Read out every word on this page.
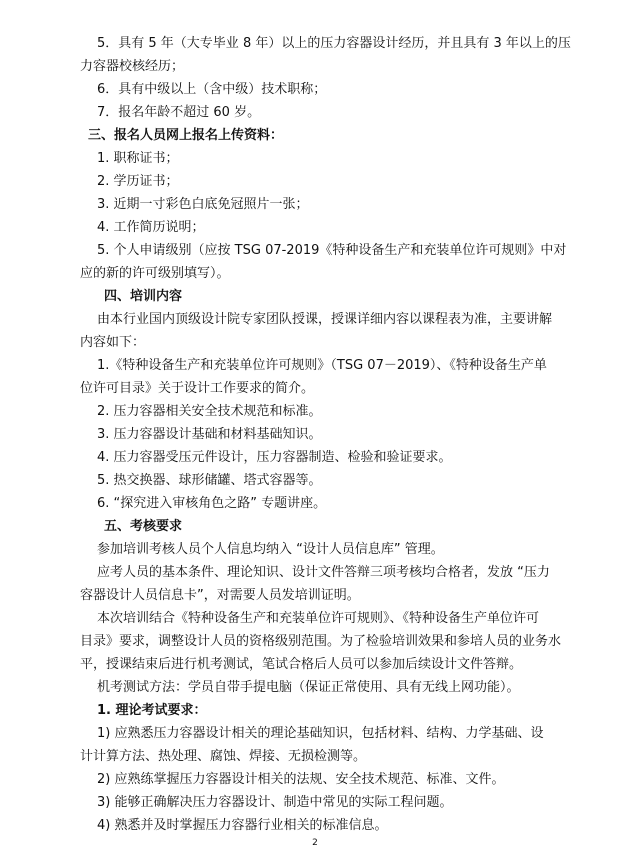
5．具有 5 年（大专毕业 8 年）以上的压力容器设计经历，并且具有 3 年以上的压
力容器校核经历；
6．具有中级以上（含中级）技术职称；
7．报名年龄不超过 60 岁。
三、报名人员网上报名上传资料：
1. 职称证书；
2. 学历证书；
3. 近期一寸彩色白底免冠照片一张；
4. 工作简历说明；
5. 个人申请级别（应按 TSG 07-2019《特种设备生产和充装单位许可规则》中对
应的新的许可级别填写）。
四、培训内容
由本行业国内顶级设计院专家团队授课，授课详细内容以课程表为准，主要讲解
内容如下：
1.《特种设备生产和充装单位许可规则》（TSG 07－2019）、《特种设备生产单
位许可目录》关于设计工作要求的简介。
2. 压力容器相关安全技术规范和标准。
3. 压力容器设计基础和材料基础知识。
4. 压力容器受压元件设计，压力容器制造、检验和验证要求。
5. 热交换器、球形储罐、塔式容器等。
6. “探究进入审核角色之路” 专题讲座。
五、考核要求
参加培训考核人员个人信息均纳入 “设计人员信息库” 管理。
应考人员的基本条件、理论知识、设计文件答辩三项考核均合格者，发放 “压力
容器设计人员信息卡”，对需要人员发培训证明。
本次培训结合《特种设备生产和充装单位许可规则》、《特种设备生产单位许可
目录》要求，调整设计人员的资格级别范围。为了检验培训效果和参培人员的业务水
平，授课结束后进行机考测试，笔试合格后人员可以参加后续设计文件答辩。
机考测试方法：学员自带手提电脑（保证正常使用、具有无线上网功能）。
1. 理论考试要求：
1) 应熟悉压力容器设计相关的理论基础知识，包括材料、结构、力学基础、设
计计算方法、热处理、腐蚀、焊接、无损检测等。
2) 应熟练掌握压力容器设计相关的法规、安全技术规范、标准、文件。
3) 能够正确解决压力容器设计、制造中常见的实际工程问题。
4) 熟悉并及时掌握压力容器行业相关的标准信息。
2
